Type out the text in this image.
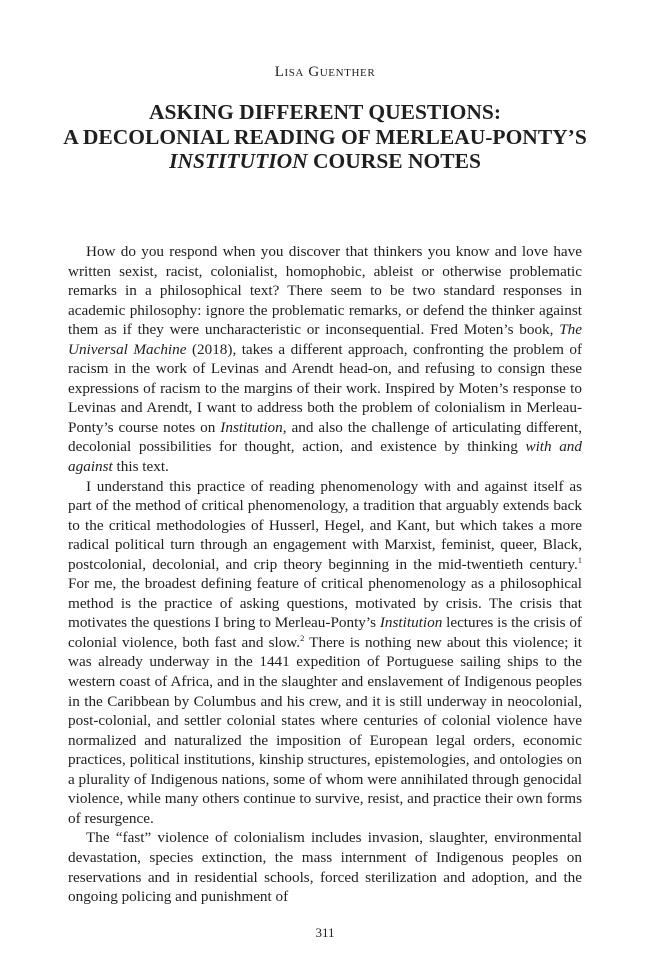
Lisa Guenther
ASKING DIFFERENT QUESTIONS:
A DECOLONIAL READING OF MERLEAU-PONTY’S
INSTITUTION COURSE NOTES

How do you respond when you discover that thinkers you know and love have written sexist, racist, colonialist, homophobic, ableist or otherwise problematic remarks in a philosophical text? There seem to be two standard responses in academic philosophy: ignore the problematic remarks, or defend the thinker against them as if they were uncharacteristic or inconsequential. Fred Moten’s book, The Universal Machine (2018), takes a different approach, confronting the problem of racism in the work of Levinas and Arendt head-on, and refusing to consign these expressions of racism to the margins of their work. Inspired by Moten’s response to Levinas and Arendt, I want to address both the problem of colonialism in Merleau-Ponty’s course notes on Institution, and also the challenge of articulating different, decolonial possibilities for thought, action, and existence by thinking with and against this text.

I understand this practice of reading phenomenology with and against itself as part of the method of critical phenomenology, a tradition that arguably extends back to the critical methodologies of Husserl, Hegel, and Kant, but which takes a more radical political turn through an engagement with Marxist, feminist, queer, Black, postcolonial, decolonial, and crip theory beginning in the mid-twentieth century.$^1$ For me, the broadest defining feature of critical phenomenology as a philosophical method is the practice of asking questions, motivated by crisis. The crisis that motivates the questions I bring to Merleau-Ponty’s Institution lectures is the crisis of colonial violence, both fast and slow.$^2$ There is nothing new about this violence; it was already underway in the 1441 expedition of Portuguese sailing ships to the western coast of Africa, and in the slaughter and enslavement of Indigenous peoples in the Caribbean by Columbus and his crew, and it is still underway in neocolonial, post-colonial, and settler colonial states where centuries of colonial violence have normalized and naturalized the imposition of European legal orders, economic practices, political institutions, kinship structures, epistemologies, and ontologies on a plurality of Indigenous nations, some of whom were annihilated through genocidal violence, while many others continue to survive, resist, and practice their own forms of resurgence.

The “fast” violence of colonialism includes invasion, slaughter, environmental devastation, species extinction, the mass internment of Indigenous peoples on reservations and in residential schools, forced sterilization and adoption, and the ongoing policing and punishment of

311
